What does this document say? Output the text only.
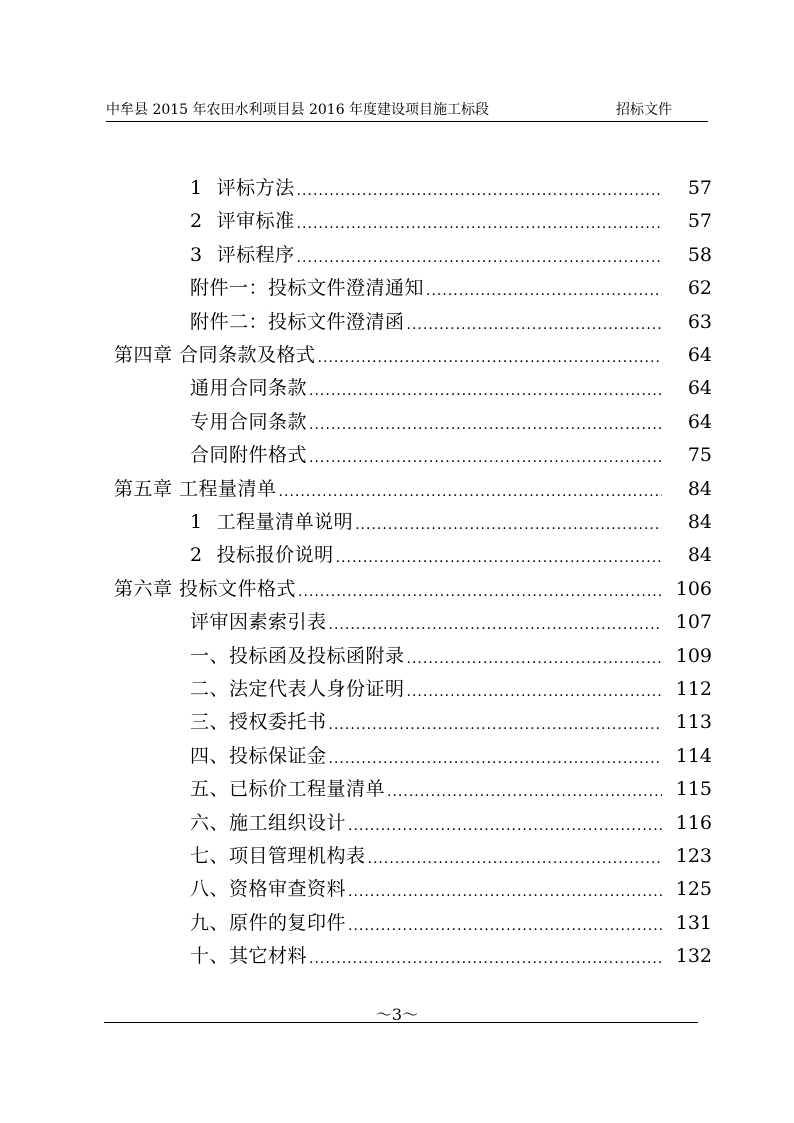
中牟县 2015 年农田水利项目县 2016 年度建设项目施工标段	招标文件
1 评标方法 .....	57
2 评审标准 .....	57
3 评标程序 .....	58
附件一：投标文件澄清通知 .....	62
附件二：投标文件澄清函 .....	63
第四章 合同条款及格式 .....	64
通用合同条款 .....	64
专用合同条款 .....	64
合同附件格式 .....	75
第五章 工程量清单 .....	84
1 工程量清单说明 .....	84
2 投标报价说明 .....	84
第六章 投标文件格式 .....	106
评审因素索引表 .....	107
一、投标函及投标函附录 .....	109
二、法定代表人身份证明 .....	112
三、授权委托书 .....	113
四、投标保证金 .....	114
五、已标价工程量清单 .....	115
六、施工组织设计 .....	116
七、项目管理机构表 .....	123
八、资格审查资料 .....	125
九、原件的复印件 .....	131
十、其它材料 .....	132
～3～
